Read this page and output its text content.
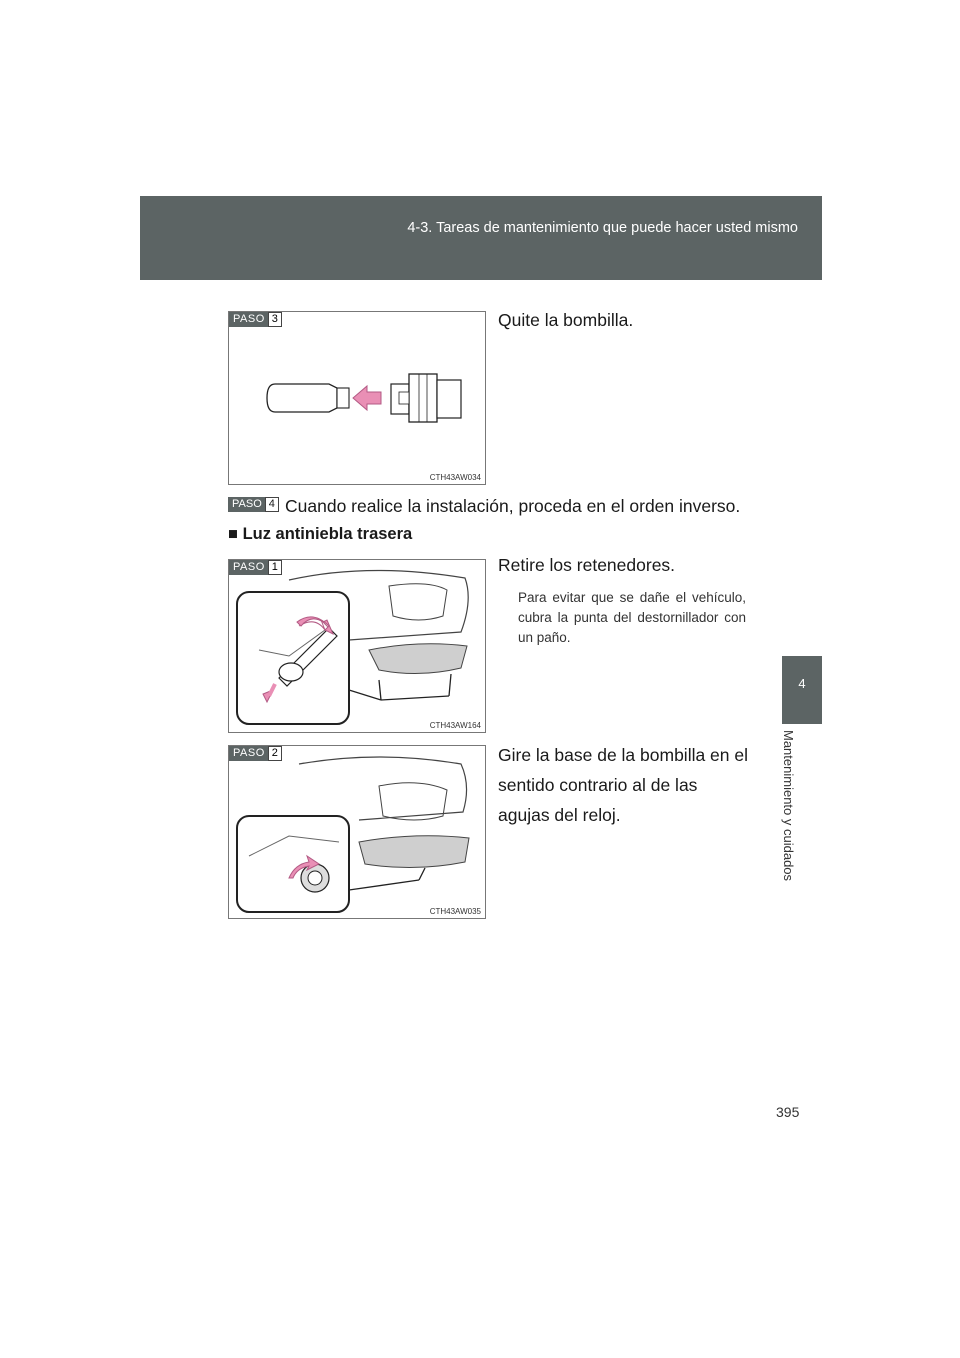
4-3. Tareas de mantenimiento que puede hacer usted mismo
4
Mantenimiento y cuidados
PASO 3
CTH43AW034
Quite la bombilla.
PASO 4 Cuando realice la instalación, proceda en el orden inverso.
■ Luz antiniebla trasera
PASO 1
CTH43AW164
Retire los retenedores.
Para evitar que se dañe el vehículo, cubra la punta del destornillador con un paño.
PASO 2
CTH43AW035
Gire la base de la bombilla en el sentido contrario al de las agujas del reloj.
395
